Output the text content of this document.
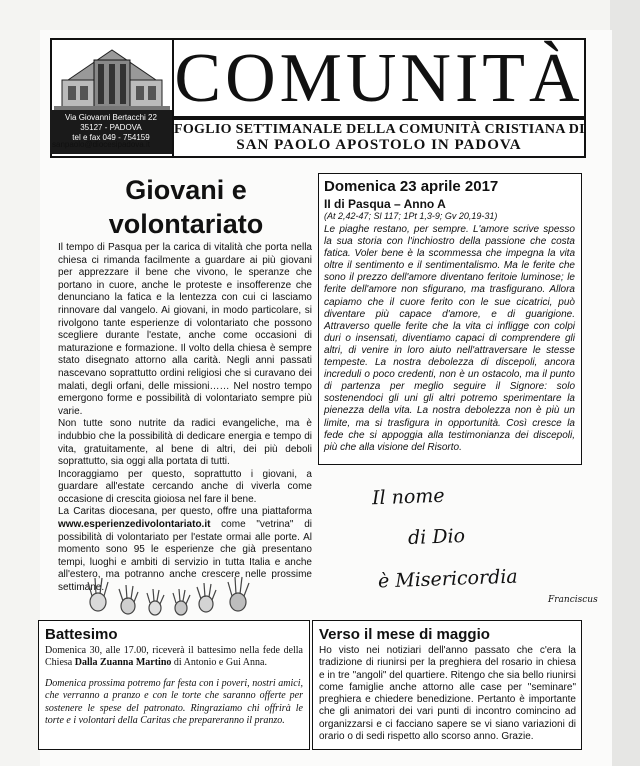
Via Giovanni Bertacchi 22
35127 - PADOVA
tel e fax 049 - 754159
sanpaolo@diocesipadova.it
COMUNITÀ
FOGLIO SETTIMANALE DELLA COMUNITÀ CRISTIANA DI
SAN PAOLO APOSTOLO IN PADOVA
Giovani e
volontariato

Il tempo di Pasqua per la carica di vitalità che porta nella chiesa ci rimanda facilmente a guardare ai più giovani per apprezzare il bene che vivono, le speranze che portano in cuore, anche le proteste e insofferenze che denunciano la fatica e la lentezza con cui ci lasciamo rinnovare dal vangelo. Ai giovani, in modo particolare, si rivolgono tante esperienze di volontariato che possono scegliere durante l'estate, anche come occasioni di maturazione e formazione. Il volto della chiesa è sempre stato disegnato attorno alla carità. Negli anni passati nascevano soprattutto ordini religiosi che si curavano dei malati, degli orfani, delle missioni…… Nel nostro tempo emergono forme e possibilità di volontariato sempre più varie.

Non tutte sono nutrite da radici evangeliche, ma è indubbio che la possibilità di dedicare energia e tempo di vita, gratuitamente, al bene di altri, dei più deboli soprattutto, sia oggi alla portata di tutti.

Incoraggiamo per questo, soprattutto i giovani, a guardare all'estate cercando anche di viverla come occasione di crescita gioiosa nel fare il bene.

La Caritas diocesana, per questo, offre una piattaforma www.esperienzedivolontariato.it come "vetrina" di possibilità di volontariato per l'estate ormai alle porte. Al momento sono 95 le esperienze che già presentano tempi, luoghi e ambiti di servizio in tutta Italia e anche all'estero, ma potranno anche crescere nelle prossime settimane.

Domenica 23 aprile 2017
II di Pasqua – Anno A
(At 2,42-47; Sl 117; 1Pt 1,3-9; Gv 20,19-31)
Le piaghe restano, per sempre. L'amore scrive spesso la sua storia con l'inchiostro della passione che costa fatica. Voler bene è la scommessa che impegna la vita oltre il sentimento e il sentimentalismo. Ma le ferite che sono il prezzo dell'amore diventano feritoie luminose; le ferite dell'amore non sfigurano, ma trasfigurano. Allora capiamo che il cuore ferito con le sue cicatrici, può diventare più capace d'amore, e di guarigione. Attraverso quelle ferite che la vita ci infligge con colpi duri o insensati, diventiamo capaci di comprendere gli altri, di venire in loro aiuto nell'attraversare le stesse tempeste. La nostra debolezza di discepoli, ancora increduli o poco credenti, non è un ostacolo, ma il punto di partenza per meglio seguire il Signore: solo sostenendoci gli uni gli altri potremo sperimentare la pienezza della vita. La nostra debolezza non è più un limite, ma si trasfigura in opportunità. Così cresce la fede che si appoggia alla testimonianza dei discepoli, più che alla visione del Risorto.
Il nome
di Dio
è Misericordia
Franciscus
Battesimo

Domenica 30, alle 17.00, riceverà il battesimo nella fede della Chiesa Dalla Zuanna Martino di Antonio e Gui Anna.

Domenica prossima potremo far festa con i poveri, nostri amici, che verranno a pranzo e con le torte che saranno offerte per sostenere le spese del patronato. Ringraziamo chi offrirà le torte e i volontari della Caritas che prepareranno il pranzo.

Verso il mese di maggio
Ho visto nei notiziari dell'anno passato che c'era la tradizione di riunirsi per la preghiera del rosario in chiesa e in tre "angoli" del quartiere. Ritengo che sia bello riunirsi come famiglie anche attorno alle case per "seminare" preghiera e chiedere benedizione. Pertanto è importante che gli animatori dei vari punti di incontro comincino ad organizzarsi e ci facciano sapere se vi siano variazioni di orario o di sedi rispetto allo scorso anno. Grazie.
